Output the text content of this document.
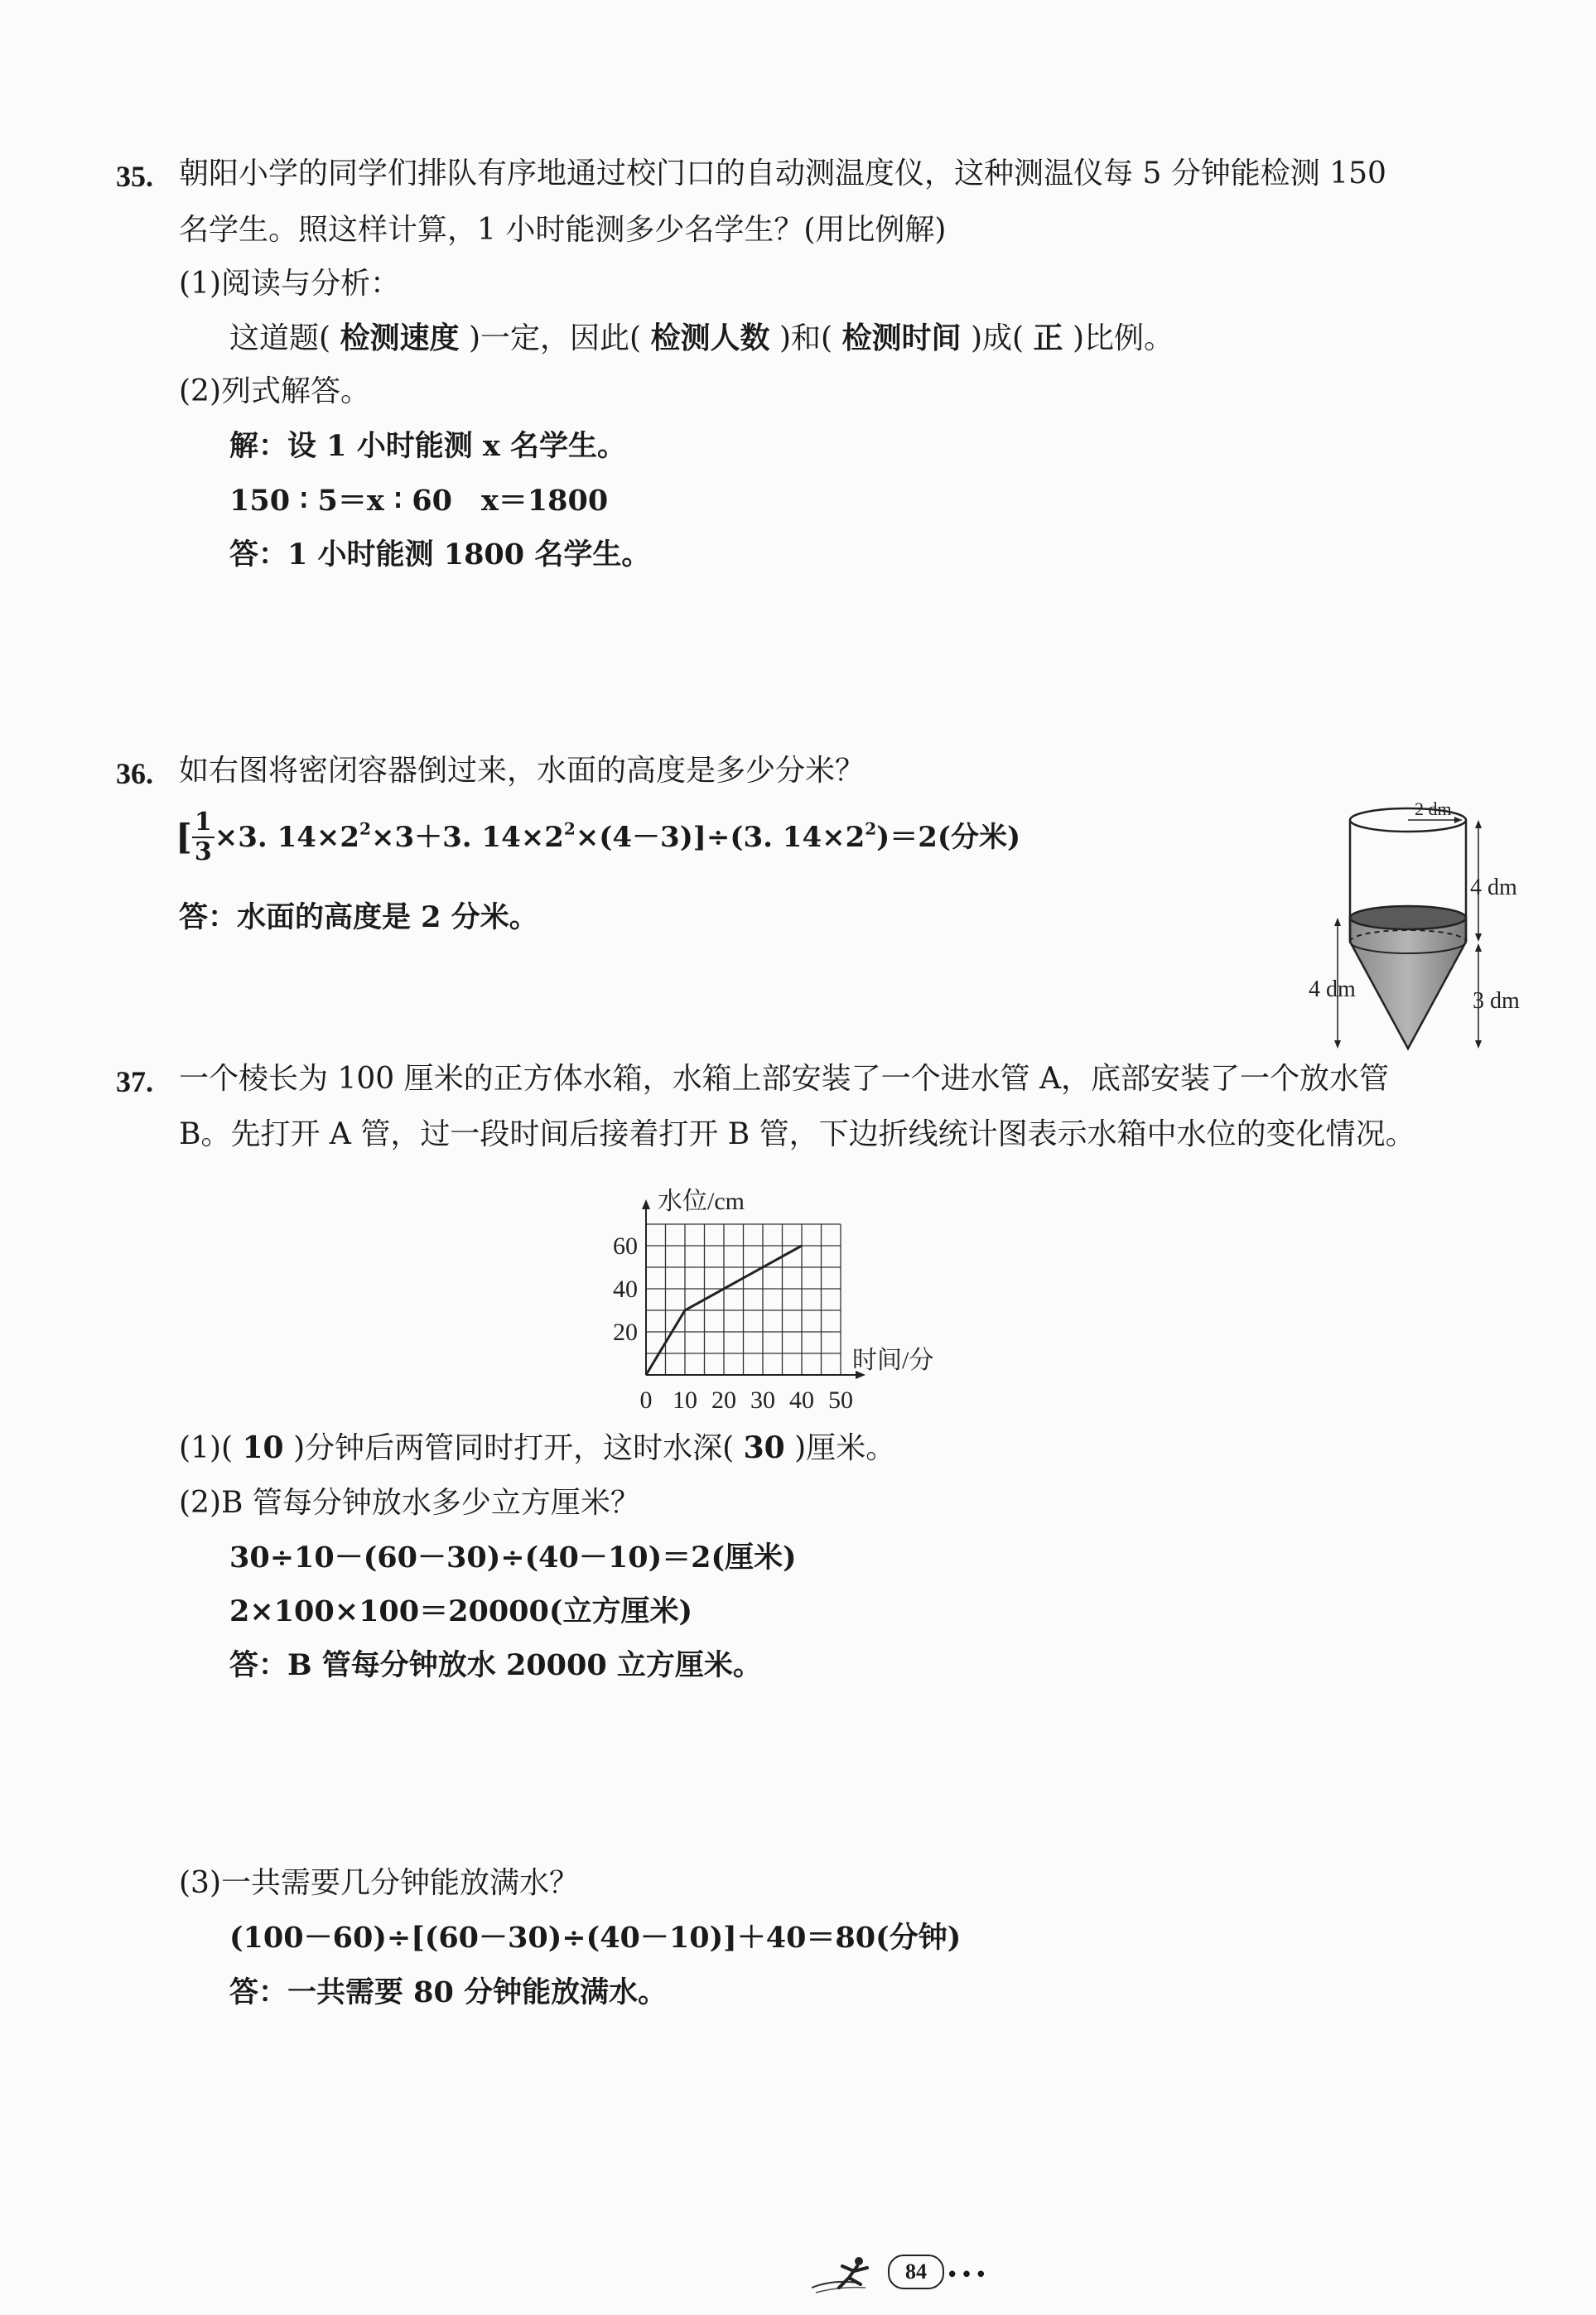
35. 朝阳小学的同学们排队有序地通过校门口的自动测温度仪，这种测温仪每 5 分钟能检测 150
名学生。照这样计算，1 小时能测多少名学生？(用比例解)
(1)阅读与分析：
这道题( 检测速度 )一定，因此( 检测人数 )和( 检测时间 )成( 正 )比例。
(2)列式解答。
解：设 1 小时能测 x 名学生。
150 ∶ 5＝x ∶ 60　x＝1800
答：1 小时能测 1800 名学生。
36. 如右图将密闭容器倒过来，水面的高度是多少分米？
[ $\frac{1}{3} \times 3$. $14\times 2^2\times 3+3$. $14\times 2^2\times(4-3)]\div(3$. $14\times 2^2)=2$(分米)
答：水面的高度是 2 分米。
2 dm
4 dm
3 dm
4 dm
37. 一个棱长为 100 厘米的正方体水箱，水箱上部安装了一个进水管 A，底部安装了一个放水管
B。先打开 A 管，过一段时间后接着打开 B 管，下边折线统计图表示水箱中水位的变化情况。
0 10 20 30 40 50
20
40
60
水位/cm
时间/分
(1)( 10 )分钟后两管同时打开，这时水深( 30 )厘米。
(2)B 管每分钟放水多少立方厘米？
30÷10－(60－30)÷(40－10)＝2(厘米)
2×100×100＝20000(立方厘米)
答：B 管每分钟放水 20000 立方厘米。
(3)一共需要几分钟能放满水？
(100－60)÷[(60－30)÷(40－10)]＋40＝80(分钟)
答：一共需要 80 分钟能放满水。
84 •••
